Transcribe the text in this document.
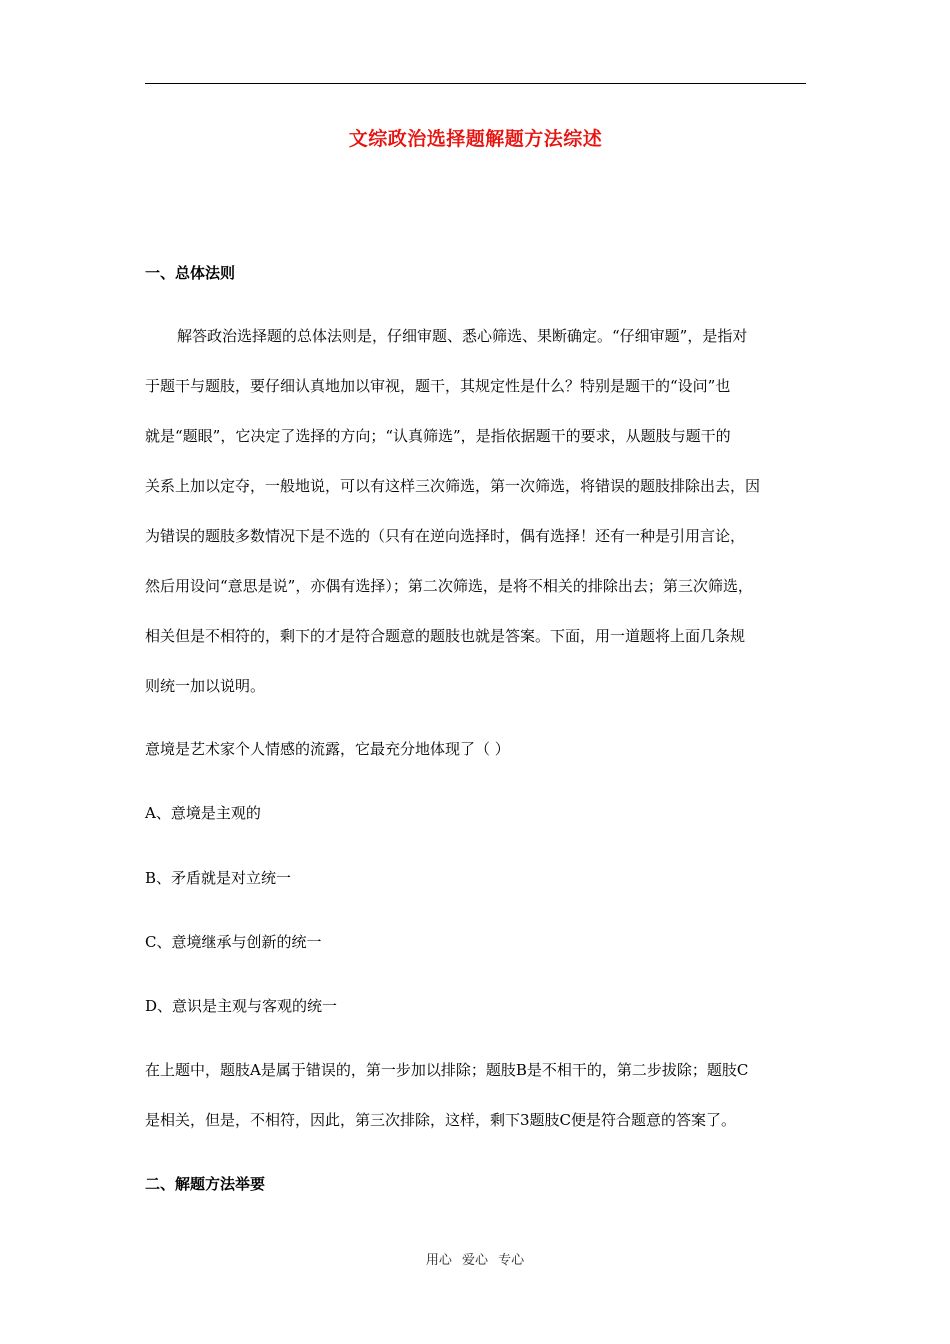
文综政治选择题解题方法综述
一、总体法则
解答政治选择题的总体法则是，仔细审题、悉心筛选、果断确定。“仔细审题”，是指对
于题干与题肢，要仔细认真地加以审视，题干，其规定性是什么？特别是题干的“设问”也
就是“题眼”，它决定了选择的方向；“认真筛选”，是指依据题干的要求，从题肢与题干的
关系上加以定夺，一般地说，可以有这样三次筛选，第一次筛选，将错误的题肢排除出去，因
为错误的题肢多数情况下是不选的（只有在逆向选择时，偶有选择！还有一种是引用言论，
然后用设问“意思是说”，亦偶有选择）；第二次筛选，是将不相关的排除出去；第三次筛选，
相关但是不相符的，剩下的才是符合题意的题肢也就是答案。下面，用一道题将上面几条规
则统一加以说明。
意境是艺术家个人情感的流露，它最充分地体现了（ ）
A、意境是主观的
B、矛盾就是对立统一
C、意境继承与创新的统一
D、意识是主观与客观的统一
在上题中，题肢A是属于错误的，第一步加以排除；题肢B是不相干的，第二步拔除；题肢C
是相关，但是，不相符，因此，第三次排除，这样，剩下3题肢C便是符合题意的答案了。
二、解题方法举要
用心 爱心 专心
